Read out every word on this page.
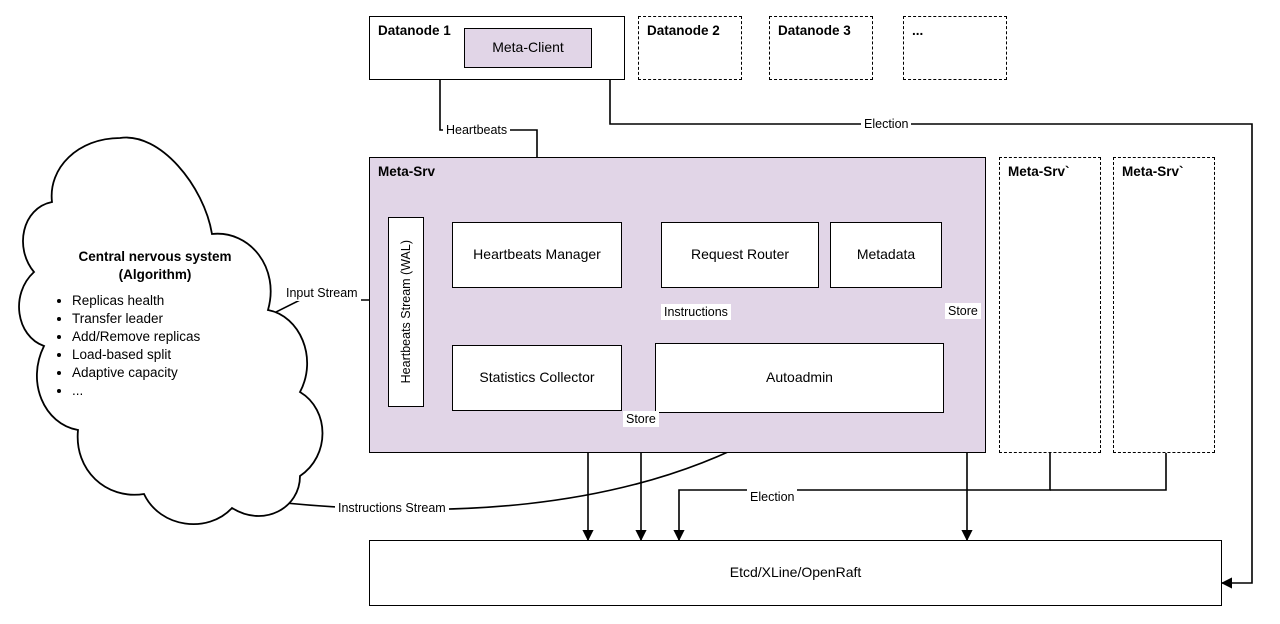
Datanode 1	Datanode 2	Datanode 3	...
Meta-Client
Meta-Srv
Heartbeats Stream (WAL)	Heartbeats Manager	Request Router	Metadata
Statistics Collector	Autoadmin
Meta-Srv`	Meta-Srv`
Etcd/XLine/OpenRaft
Central nervous system
(Algorithm)
• Replicas health
• Transfer leader
• Add/Remove replicas
• Load-based split
• Adaptive capacity
• ...
Heartbeats	Election
Input Stream
Instructions
Store
Store
Instructions Stream
Election
